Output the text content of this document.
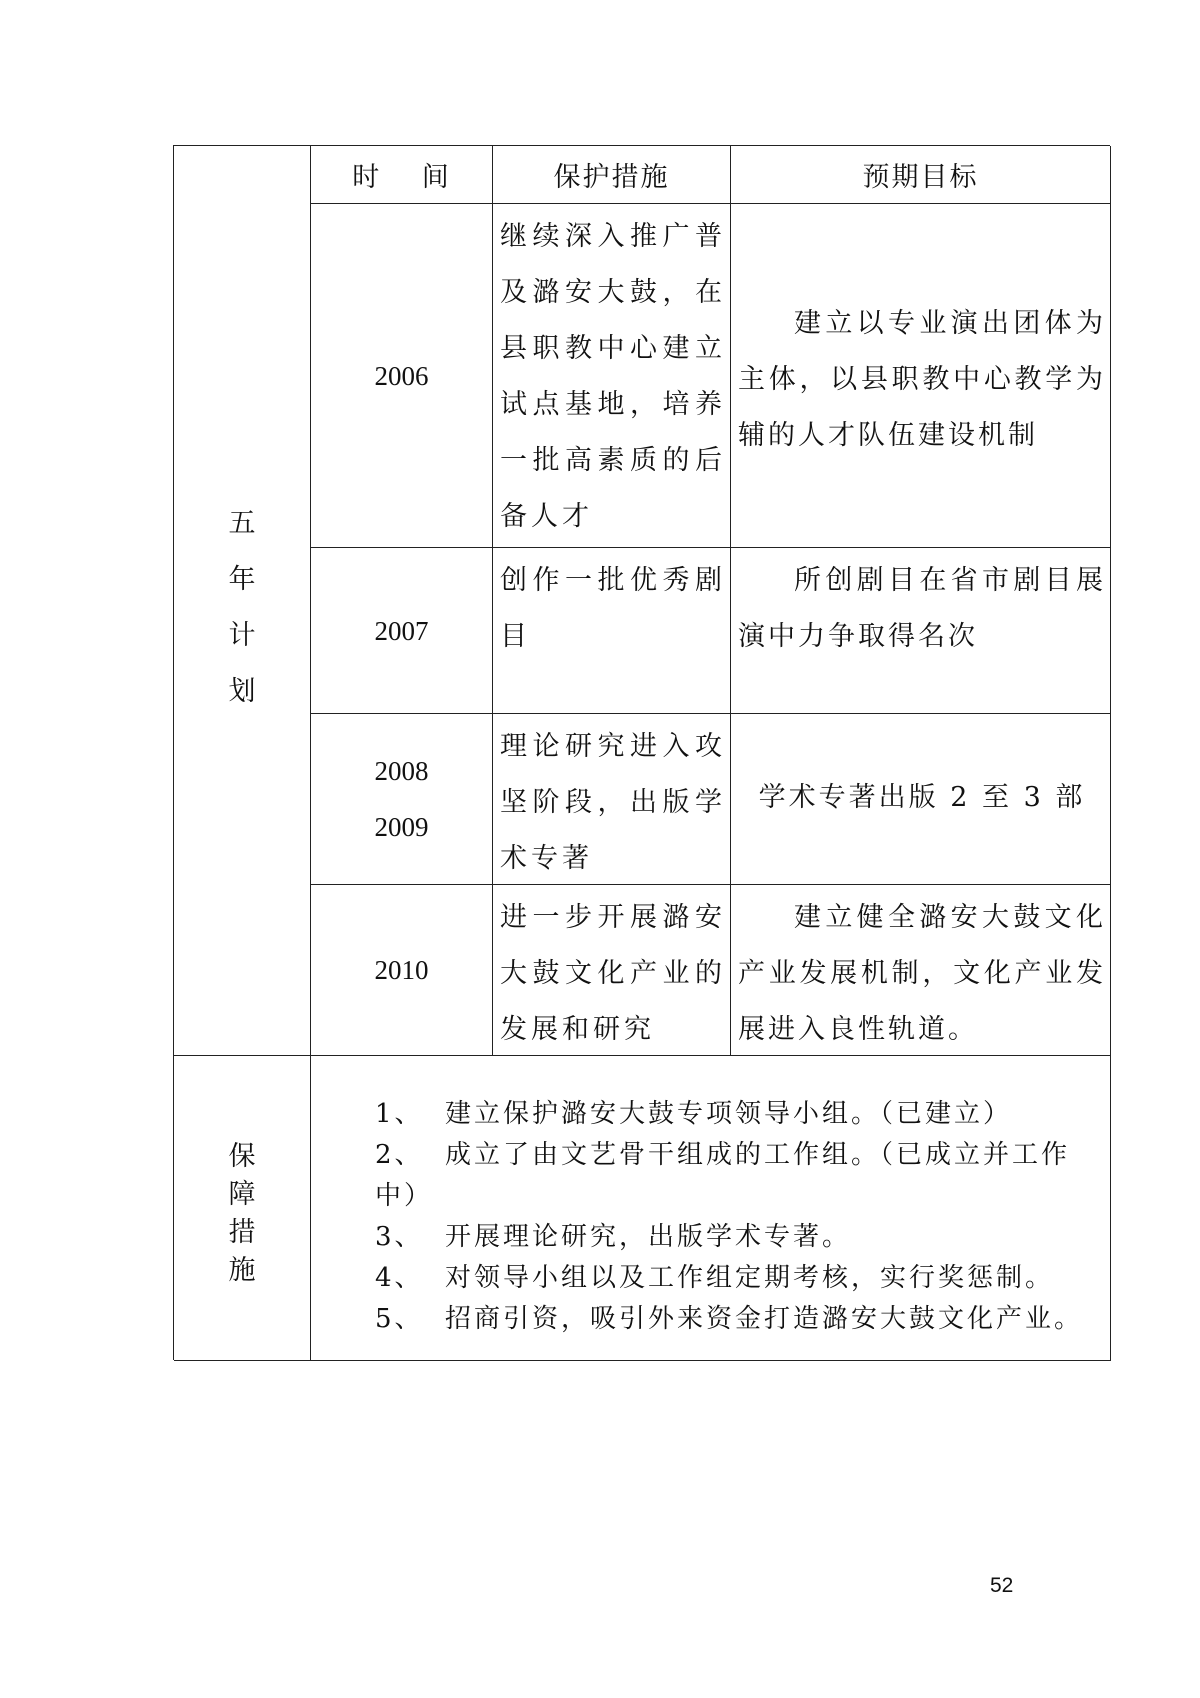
五
年
计
划
时 间	保护措施	预期目标
2006
继续深入推广普及潞安大鼓，在县职教中心建立试点基地，培养一批高素质的后备人才
建立以专业演出团体为主体，以县职教中心教学为辅的人才队伍建设机制
2007
创作一批优秀剧目
所创剧目在省市剧目展演中力争取得名次
2008
2009
理论研究进入攻坚阶段，出版学术专著
学术专著出版 2 至 3 部
2010
进一步开展潞安大鼓文化产业的发展和研究
建立健全潞安大鼓文化产业发展机制，文化产业发展进入良性轨道。
保
障
措
施
1、 建立保护潞安大鼓专项领导小组。（已建立）
2、 成立了由文艺骨干组成的工作组。（已成立并工作中）
3、 开展理论研究，出版学术专著。
4、 对领导小组以及工作组定期考核，实行奖惩制。
5、 招商引资，吸引外来资金打造潞安大鼓文化产业。
52
